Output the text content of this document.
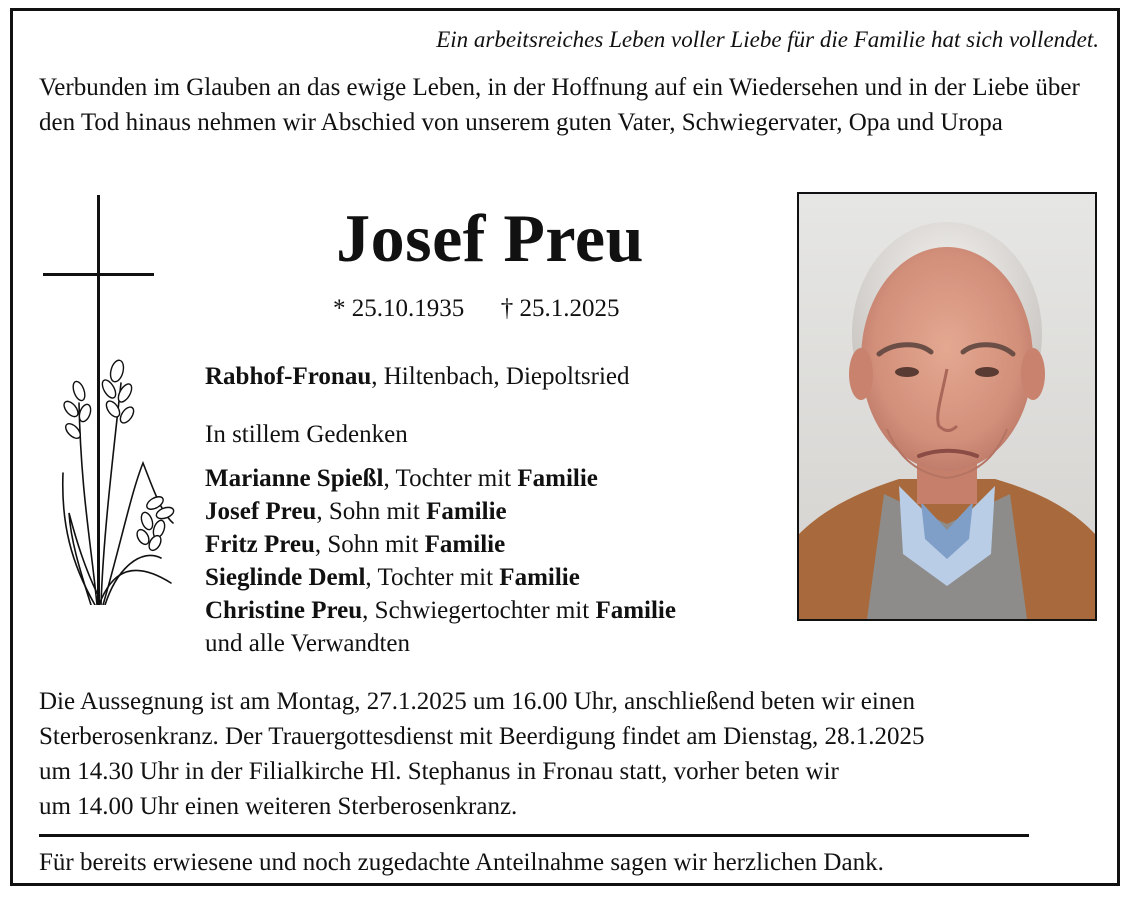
Ein arbeitsreiches Leben voller Liebe für die Familie hat sich vollendet.
Verbunden im Glauben an das ewige Leben, in der Hoffnung auf ein Wiedersehen und in der Liebe über den Tod hinaus nehmen wir Abschied von unserem guten Vater, Schwiegervater, Opa und Uropa
Josef Preu
* 25.10.1935 † 25.1.2025
Rabhof-Fronau, Hiltenbach, Diepoltsried
In stillem Gedenken
Marianne Spießl, Tochter mit Familie
Josef Preu, Sohn mit Familie
Fritz Preu, Sohn mit Familie
Sieglinde Deml, Tochter mit Familie
Christine Preu, Schwiegertochter mit Familie
und alle Verwandten
Die Aussegnung ist am Montag, 27.1.2025 um 16.00 Uhr, anschließend beten wir einen
Sterberosenkranz. Der Trauergottesdienst mit Beerdigung findet am Dienstag, 28.1.2025
um 14.30 Uhr in der Filialkirche Hl. Stephanus in Fronau statt, vorher beten wir
um 14.00 Uhr einen weiteren Sterberosenkranz.
Für bereits erwiesene und noch zugedachte Anteilnahme sagen wir herzlichen Dank.
